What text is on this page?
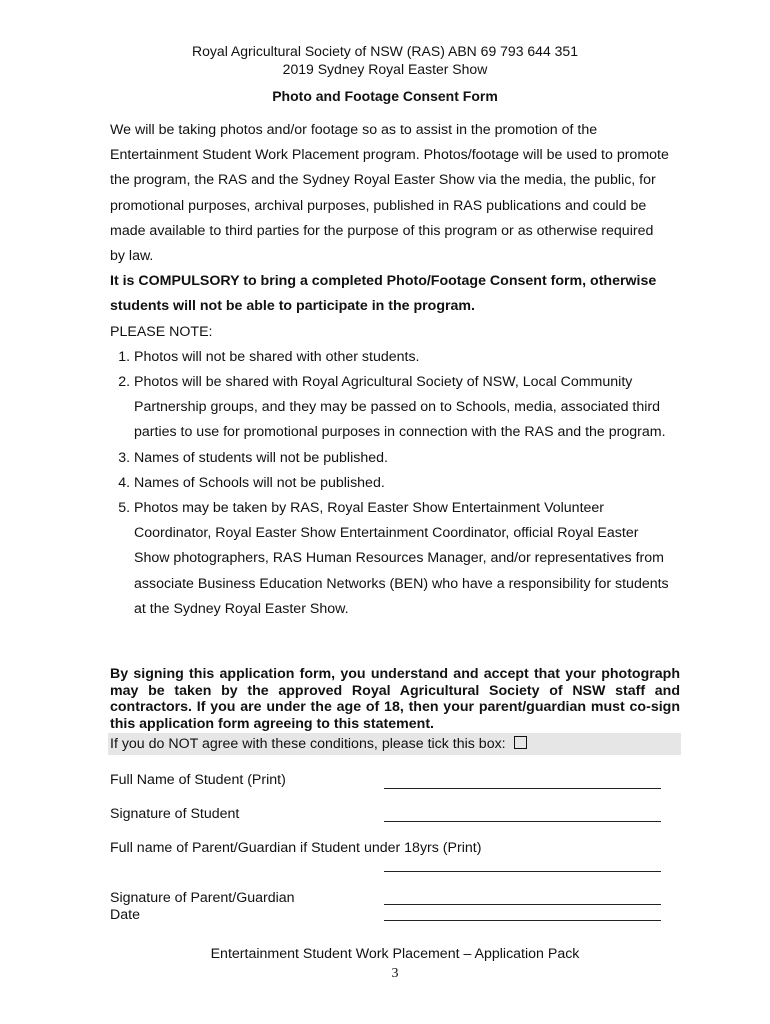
Royal Agricultural Society of NSW (RAS) ABN 69 793 644 351
2019 Sydney Royal Easter Show
Photo and Footage Consent Form
We will be taking photos and/or footage so as to assist in the promotion of the Entertainment Student Work Placement program. Photos/footage will be used to promote the program, the RAS and the Sydney Royal Easter Show via the media, the public, for promotional purposes, archival purposes, published in RAS publications and could be made available to third parties for the purpose of this program or as otherwise required by law.
It is COMPULSORY to bring a completed Photo/Footage Consent form, otherwise students will not be able to participate in the program.
PLEASE NOTE:
1. Photos will not be shared with other students.
2. Photos will be shared with Royal Agricultural Society of NSW, Local Community Partnership groups, and they may be passed on to Schools, media, associated third parties to use for promotional purposes in connection with the RAS and the program.
3. Names of students will not be published.
4. Names of Schools will not be published.
5. Photos may be taken by RAS, Royal Easter Show Entertainment Volunteer Coordinator, Royal Easter Show Entertainment Coordinator, official Royal Easter Show photographers, RAS Human Resources Manager, and/or representatives from associate Business Education Networks (BEN) who have a responsibility for students at the Sydney Royal Easter Show.
By signing this application form, you understand and accept that your photograph may be taken by the approved Royal Agricultural Society of NSW staff and contractors. If you are under the age of 18, then your parent/guardian must co-sign this application form agreeing to this statement.
If you do NOT agree with these conditions, please tick this box:
Full Name of Student (Print)
Signature of Student
Full name of Parent/Guardian if Student under 18yrs (Print)
Signature of Parent/Guardian
Date
Entertainment Student Work Placement – Application Pack
3
